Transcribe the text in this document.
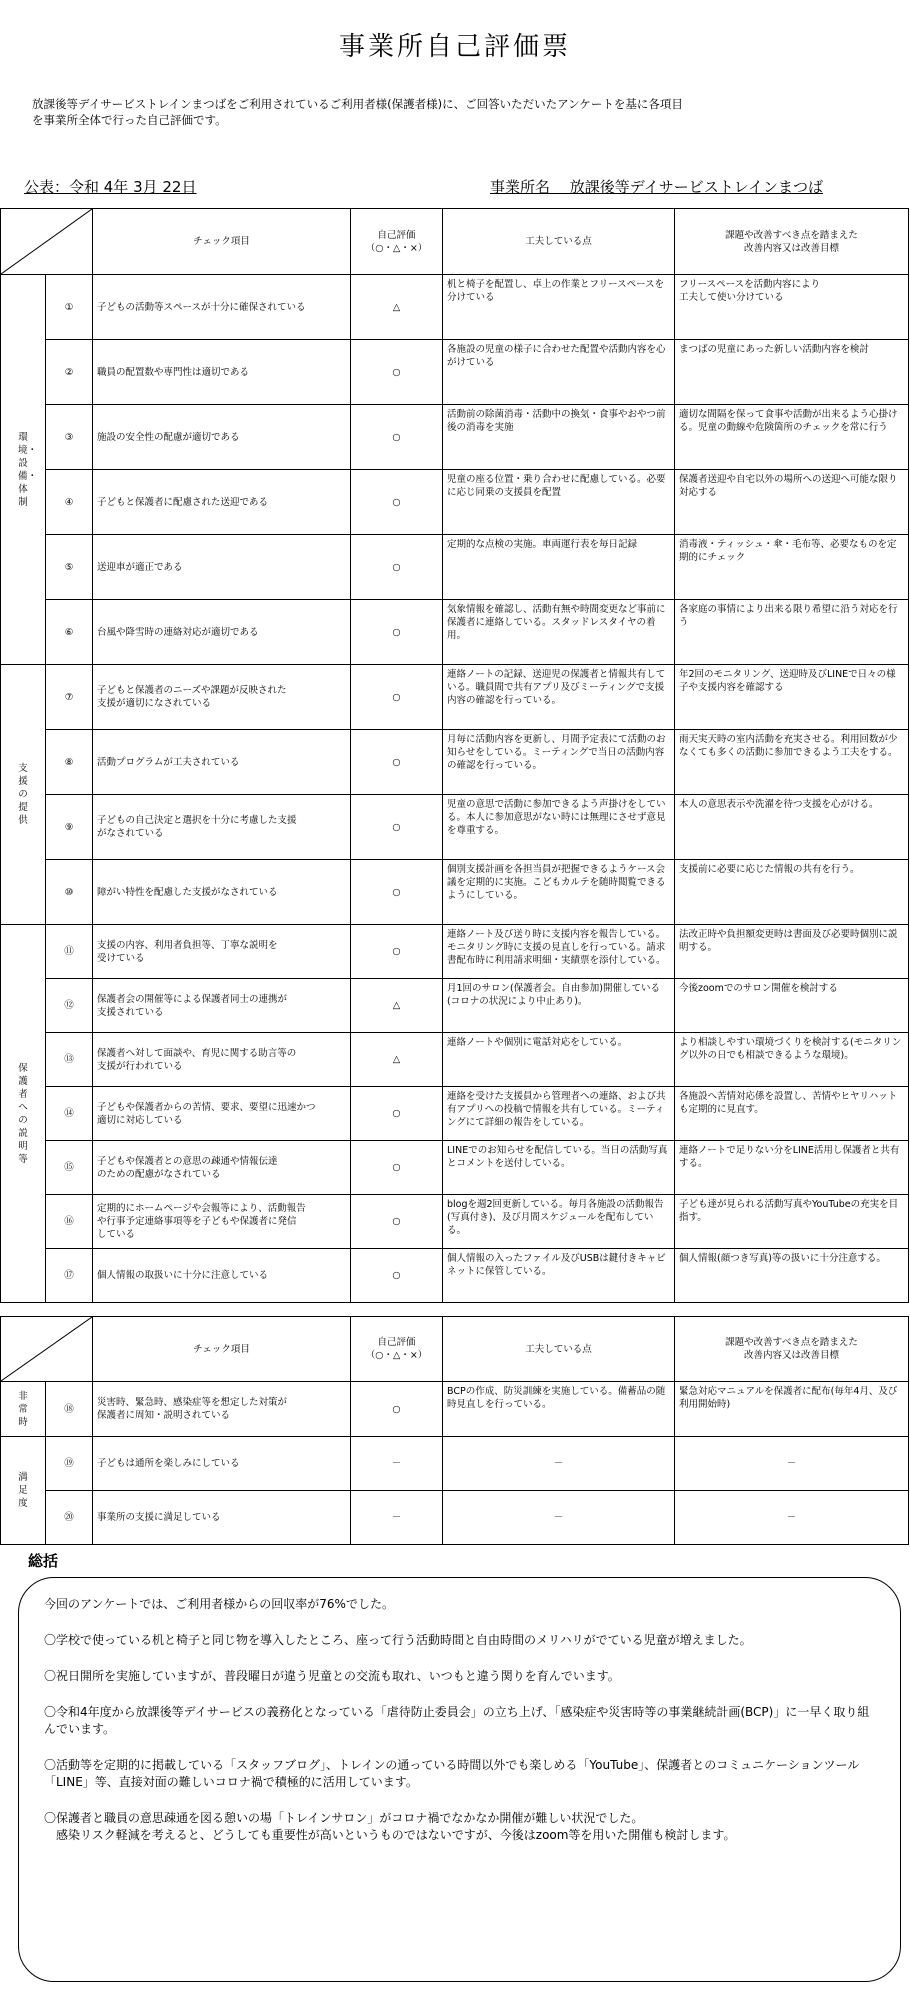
事業所自己評価票
放課後等デイサービストレインまつばをご利用されているご利用者様(保護者様)に、ご回答いただいたアンケートを基に各項目を事業所全体で行った自己評価です。
公表：令和 4年 3月 22日	事業所名　 放課後等デイサービストレインまつば
	チェック項目	自己評価
（○・△・×）	工夫している点	課題や改善すべき点を踏まえた
改善内容又は改善目標
環境・設備・体制	①	子どもの活動等スペースが十分に確保されている	△	机と椅子を配置し、卓上の作業とフリースペースを分けている	フリースペースを活動内容により
工夫して使い分けている
	②	職員の配置数や専門性は適切である	○	各施設の児童の様子に合わせた配置や活動内容を心がけている	まつばの児童にあった新しい活動内容を検討
	③	施設の安全性の配慮が適切である	○	活動前の除菌消毒・活動中の換気・食事やおやつ前後の消毒を実施	適切な間隔を保って食事や活動が出来るよう心掛ける。児童の動線や危険箇所のチェックを常に行う
	④	子どもと保護者に配慮された送迎である	○	児童の座る位置・乗り合わせに配慮している。必要に応じ同乗の支援員を配置	保護者送迎や自宅以外の場所への送迎へ可能な限り対応する
	⑤	送迎車が適正である	○	定期的な点検の実施。車両運行表を毎日記録	消毒液・ティッシュ・傘・毛布等、必要なものを定期的にチェック
	⑥	台風や降雪時の連絡対応が適切である	○	気象情報を確認し、活動有無や時間変更など事前に保護者に連絡している。スタッドレスタイヤの着用。	各家庭の事情により出来る限り希望に沿う対応を行う
支援の提供	⑦	子どもと保護者のニーズや課題が反映された
支援が適切になされている	○	連絡ノートの記録、送迎児の保護者と情報共有している。職員間で共有アプリ及びミーティングで支援内容の確認を行っている。	年2回のモニタリング、送迎時及びLINEで日々の様子や支援内容を確認する
	⑧	活動プログラムが工夫されている	○	月毎に活動内容を更新し、月間予定表にて活動のお知らせをしている。ミーティングで当日の活動内容の確認を行っている。	雨天実天時の室内活動を充実させる。利用回数が少なくても多くの活動に参加できるよう工夫をする。
	⑨	子どもの自己決定と選択を十分に考慮した支援
がなされている	○	児童の意思で活動に参加できるよう声掛けをしている。本人に参加意思がない時には無理にさせず意見を尊重する。	本人の意思表示や洗濯を待つ支援を心がける。
	⑩	障がい特性を配慮した支援がなされている	○	個別支援計画を各担当員が把握できるようケース会議を定期的に実施。こどもカルテを随時閲覧できるようにしている。	支援前に必要に応じた情報の共有を行う。
保護者への説明等	⑪	支援の内容、利用者負担等、丁寧な説明を
受けている	○	連絡ノート及び送り時に支援内容を報告している。モニタリング時に支援の見直しを行っている。請求書配布時に利用請求明細・実績票を添付している。	法改正時や負担額変更時は書面及び必要時個別に説明する。
	⑫	保護者会の開催等による保護者同士の連携が
支援されている	△	月1回のサロン(保護者会。自由参加)開催している(コロナの状況により中止あり)。	今後zoomでのサロン開催を検討する
	⑬	保護者へ対して面談や、育児に関する助言等の
支援が行われている	△	連絡ノートや個別に電話対応をしている。	より相談しやすい環境づくりを検討する(モニタリング以外の日でも相談できるような環境)。
	⑭	子どもや保護者からの苦情、要求、要望に迅速かつ
適切に対応している	○	連絡を受けた支援員から管理者への連絡、および共有アプリへの投稿で情報を共有している。ミーティングにて詳細の報告をしている。	各施設へ苦情対応係を設置し、苦情やヒヤリハットも定期的に見直す。
	⑮	子どもや保護者との意思の疎通や情報伝達
のための配慮がなされている	○	LINEでのお知らせを配信している。当日の活動写真とコメントを送付している。	連絡ノートで足りない分をLINE活用し保護者と共有する。
	⑯	定期的にホームページや会報等により、活動報告
や行事予定連絡事項等を子どもや保護者に発信
している	○	blogを週2回更新している。毎月各施設の活動報告(写真付き)、及び月間スケジュールを配布している。	子ども達が見られる活動写真やYouTubeの充実を目指す。
	⑰	個人情報の取扱いに十分に注意している	○	個人情報の入ったファイル及びUSBは鍵付きキャビネットに保管している。	個人情報(顔つき写真)等の扱いに十分注意する。
	チェック項目	自己評価
（○・△・×）	工夫している点	課題や改善すべき点を踏まえた
改善内容又は改善目標
非常時	⑱	災害時、緊急時、感染症等を想定した対策が
保護者に周知・説明されている	○	BCPの作成、防災訓練を実施している。備蓄品の随時見直しを行っている。	緊急対応マニュアルを保護者に配布(毎年4月、及び利用開始時)
満足度	⑲	子どもは通所を楽しみにしている	－	－	－
	⑳	事業所の支援に満足している	－	－	－
総括

今回のアンケートでは、ご利用者様からの回収率が76%でした。

〇学校で使っている机と椅子と同じ物を導入したところ、座って行う活動時間と自由時間のメリハリがでている児童が増えました。

〇祝日開所を実施していますが、普段曜日が違う児童との交流も取れ、いつもと違う関りを育んでいます。

〇令和4年度から放課後等デイサービスの義務化となっている「虐待防止委員会」の立ち上げ、「感染症や災害時等の事業継続計画(BCP)」に一早く取り組んでいます。

〇活動等を定期的に掲載している「スタッフブログ」、トレインの通っている時間以外でも楽しめる「YouTube」、保護者とのコミュニケーションツール「LINE」等、直接対面の難しいコロナ禍で積極的に活用しています。

〇保護者と職員の意思疎通を図る憩いの場「トレインサロン」がコロナ禍でなかなか開催が難しい状況でした。
　感染リスク軽減を考えると、どうしても重要性が高いというものではないですが、今後はzoom等を用いた開催も検討します。
